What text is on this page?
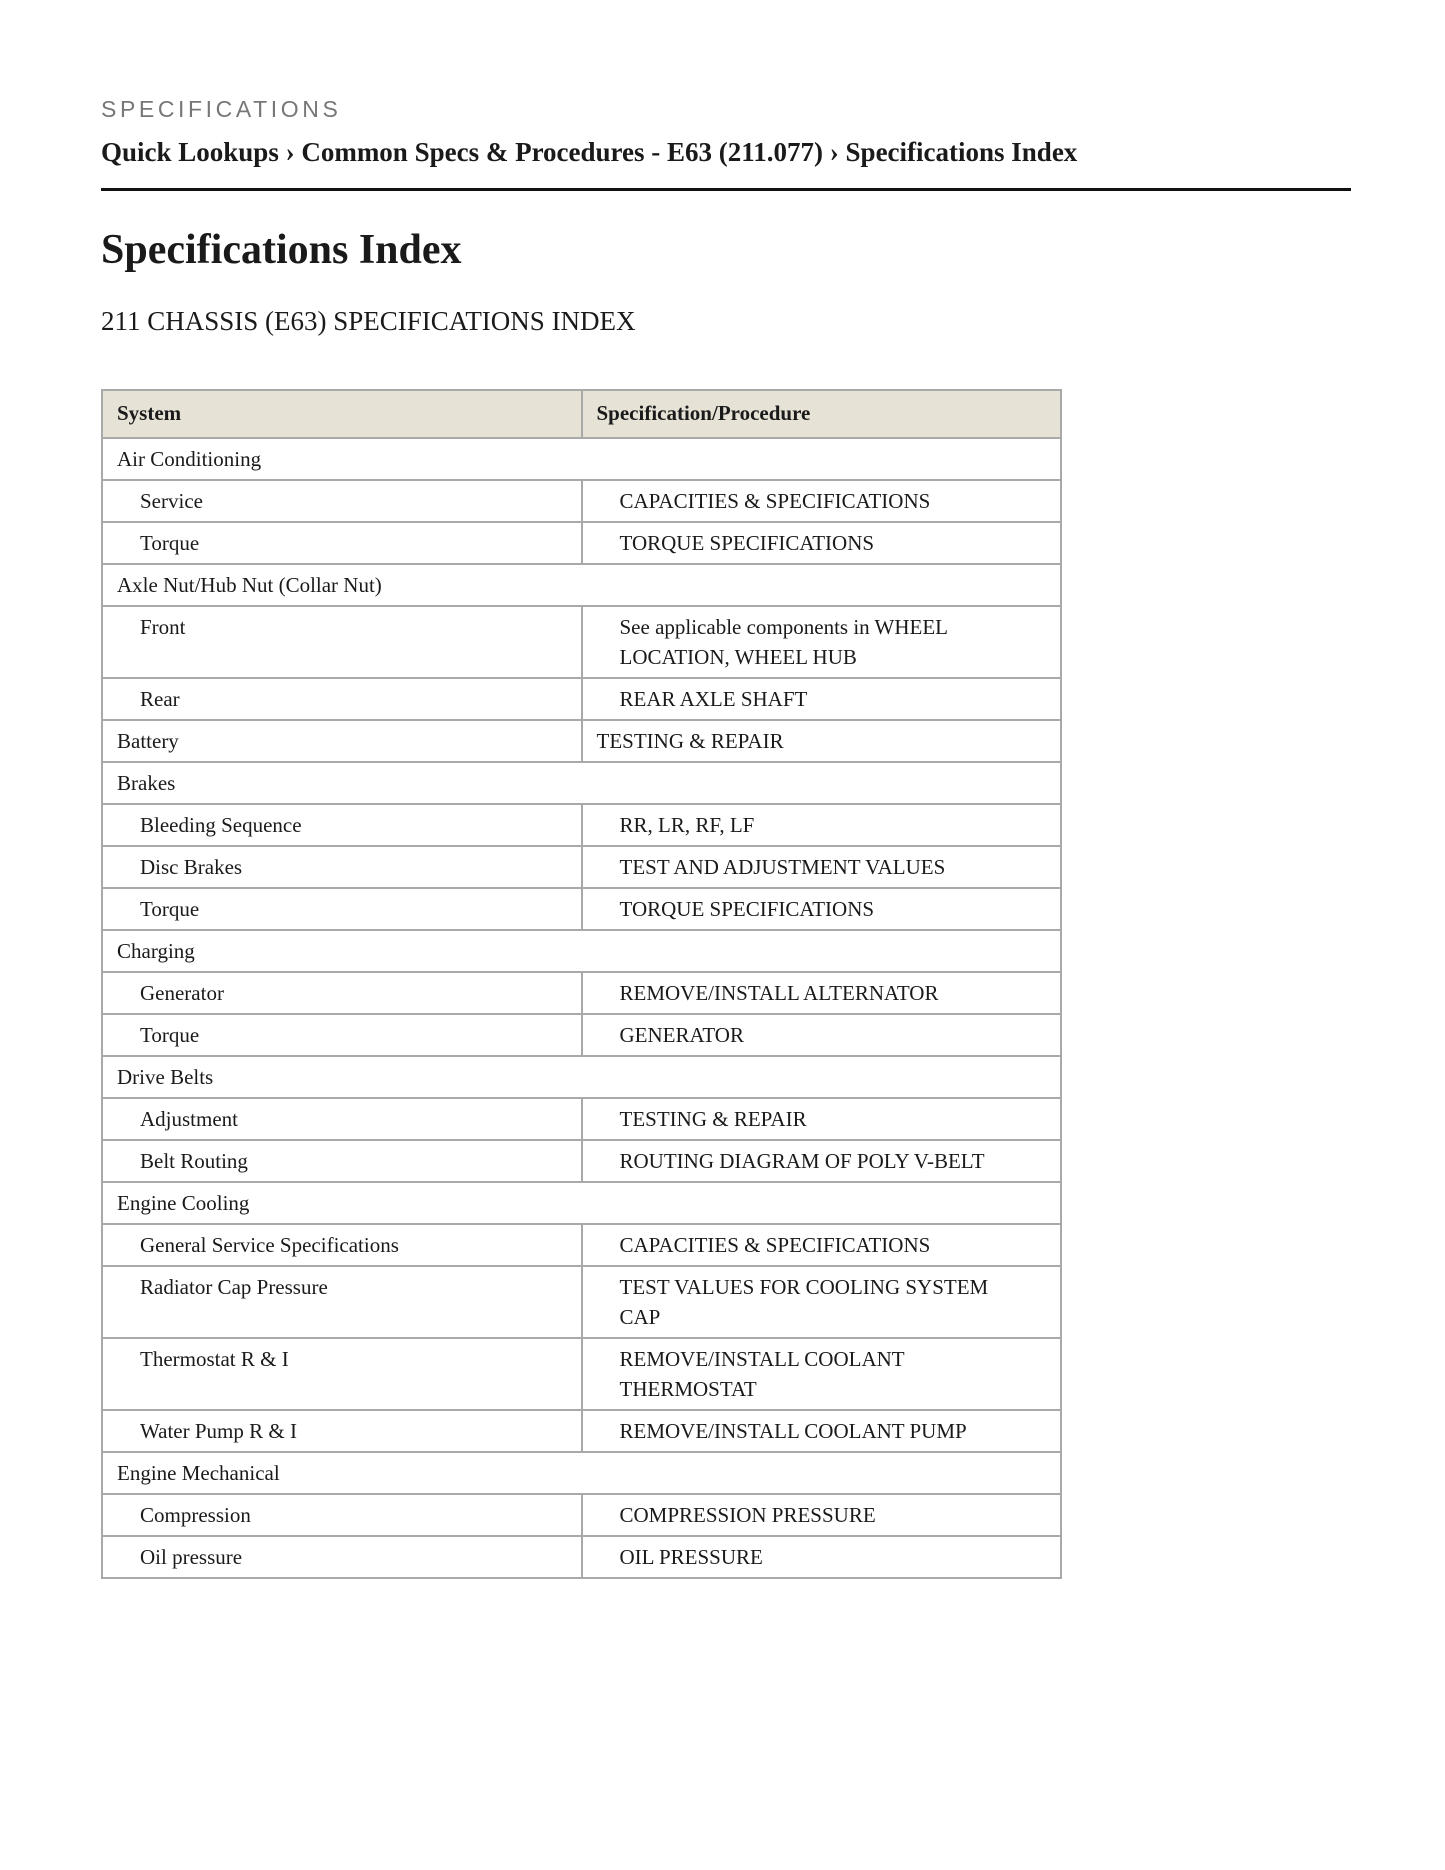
SPECIFICATIONS
Quick Lookups › Common Specs & Procedures - E63 (211.077) › Specifications Index
Specifications Index
211 CHASSIS (E63) SPECIFICATIONS INDEX
System	Specification/Procedure
Air Conditioning	
Service	CAPACITIES & SPECIFICATIONS
Torque	TORQUE SPECIFICATIONS
Axle Nut/Hub Nut (Collar Nut)	
Front	See applicable components in WHEEL LOCATION, WHEEL HUB
Rear	REAR AXLE SHAFT
Battery	TESTING & REPAIR
Brakes	
Bleeding Sequence	RR, LR, RF, LF
Disc Brakes	TEST AND ADJUSTMENT VALUES
Torque	TORQUE SPECIFICATIONS
Charging	
Generator	REMOVE/INSTALL ALTERNATOR
Torque	GENERATOR
Drive Belts	
Adjustment	TESTING & REPAIR
Belt Routing	ROUTING DIAGRAM OF POLY V-BELT
Engine Cooling	
General Service Specifications	CAPACITIES & SPECIFICATIONS
Radiator Cap Pressure	TEST VALUES FOR COOLING SYSTEM CAP
Thermostat R & I	REMOVE/INSTALL COOLANT THERMOSTAT
Water Pump R & I	REMOVE/INSTALL COOLANT PUMP
Engine Mechanical	
Compression	COMPRESSION PRESSURE
Oil pressure	OIL PRESSURE
